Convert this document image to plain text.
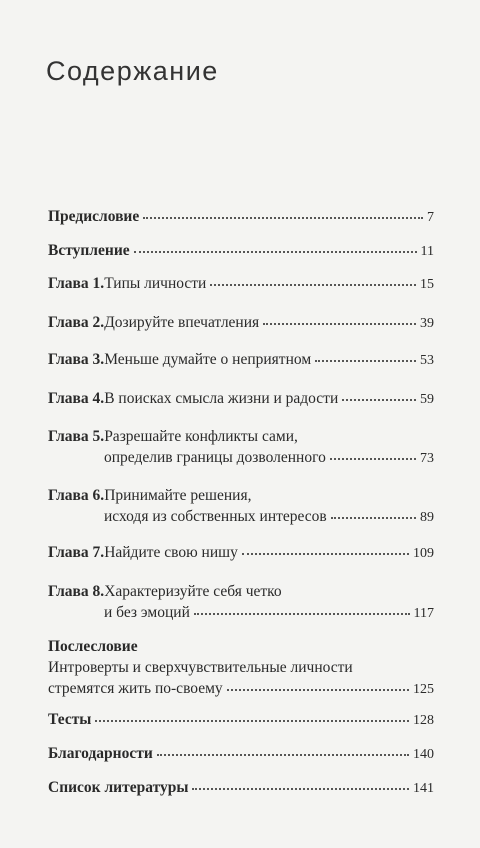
Содержание
Предисловие	7
Вступление	11
Глава 1. Типы личности	15
Глава 2. Дозируйте впечатления	39
Глава 3. Меньше думайте о неприятном	53
Глава 4. В поисках смысла жизни и радости	59
Глава 5. Разрешайте конфликты сами,
определив границы дозволенного	73
Глава 6. Принимайте решения,
исходя из собственных интересов	89
Глава 7. Найдите свою нишу	109
Глава 8. Характеризуйте себя четко
и без эмоций	117
Послесловие
Интроверты и сверхчувствительные личности
стремятся жить по-своему	125
Тесты	128
Благодарности	140
Список литературы	141
